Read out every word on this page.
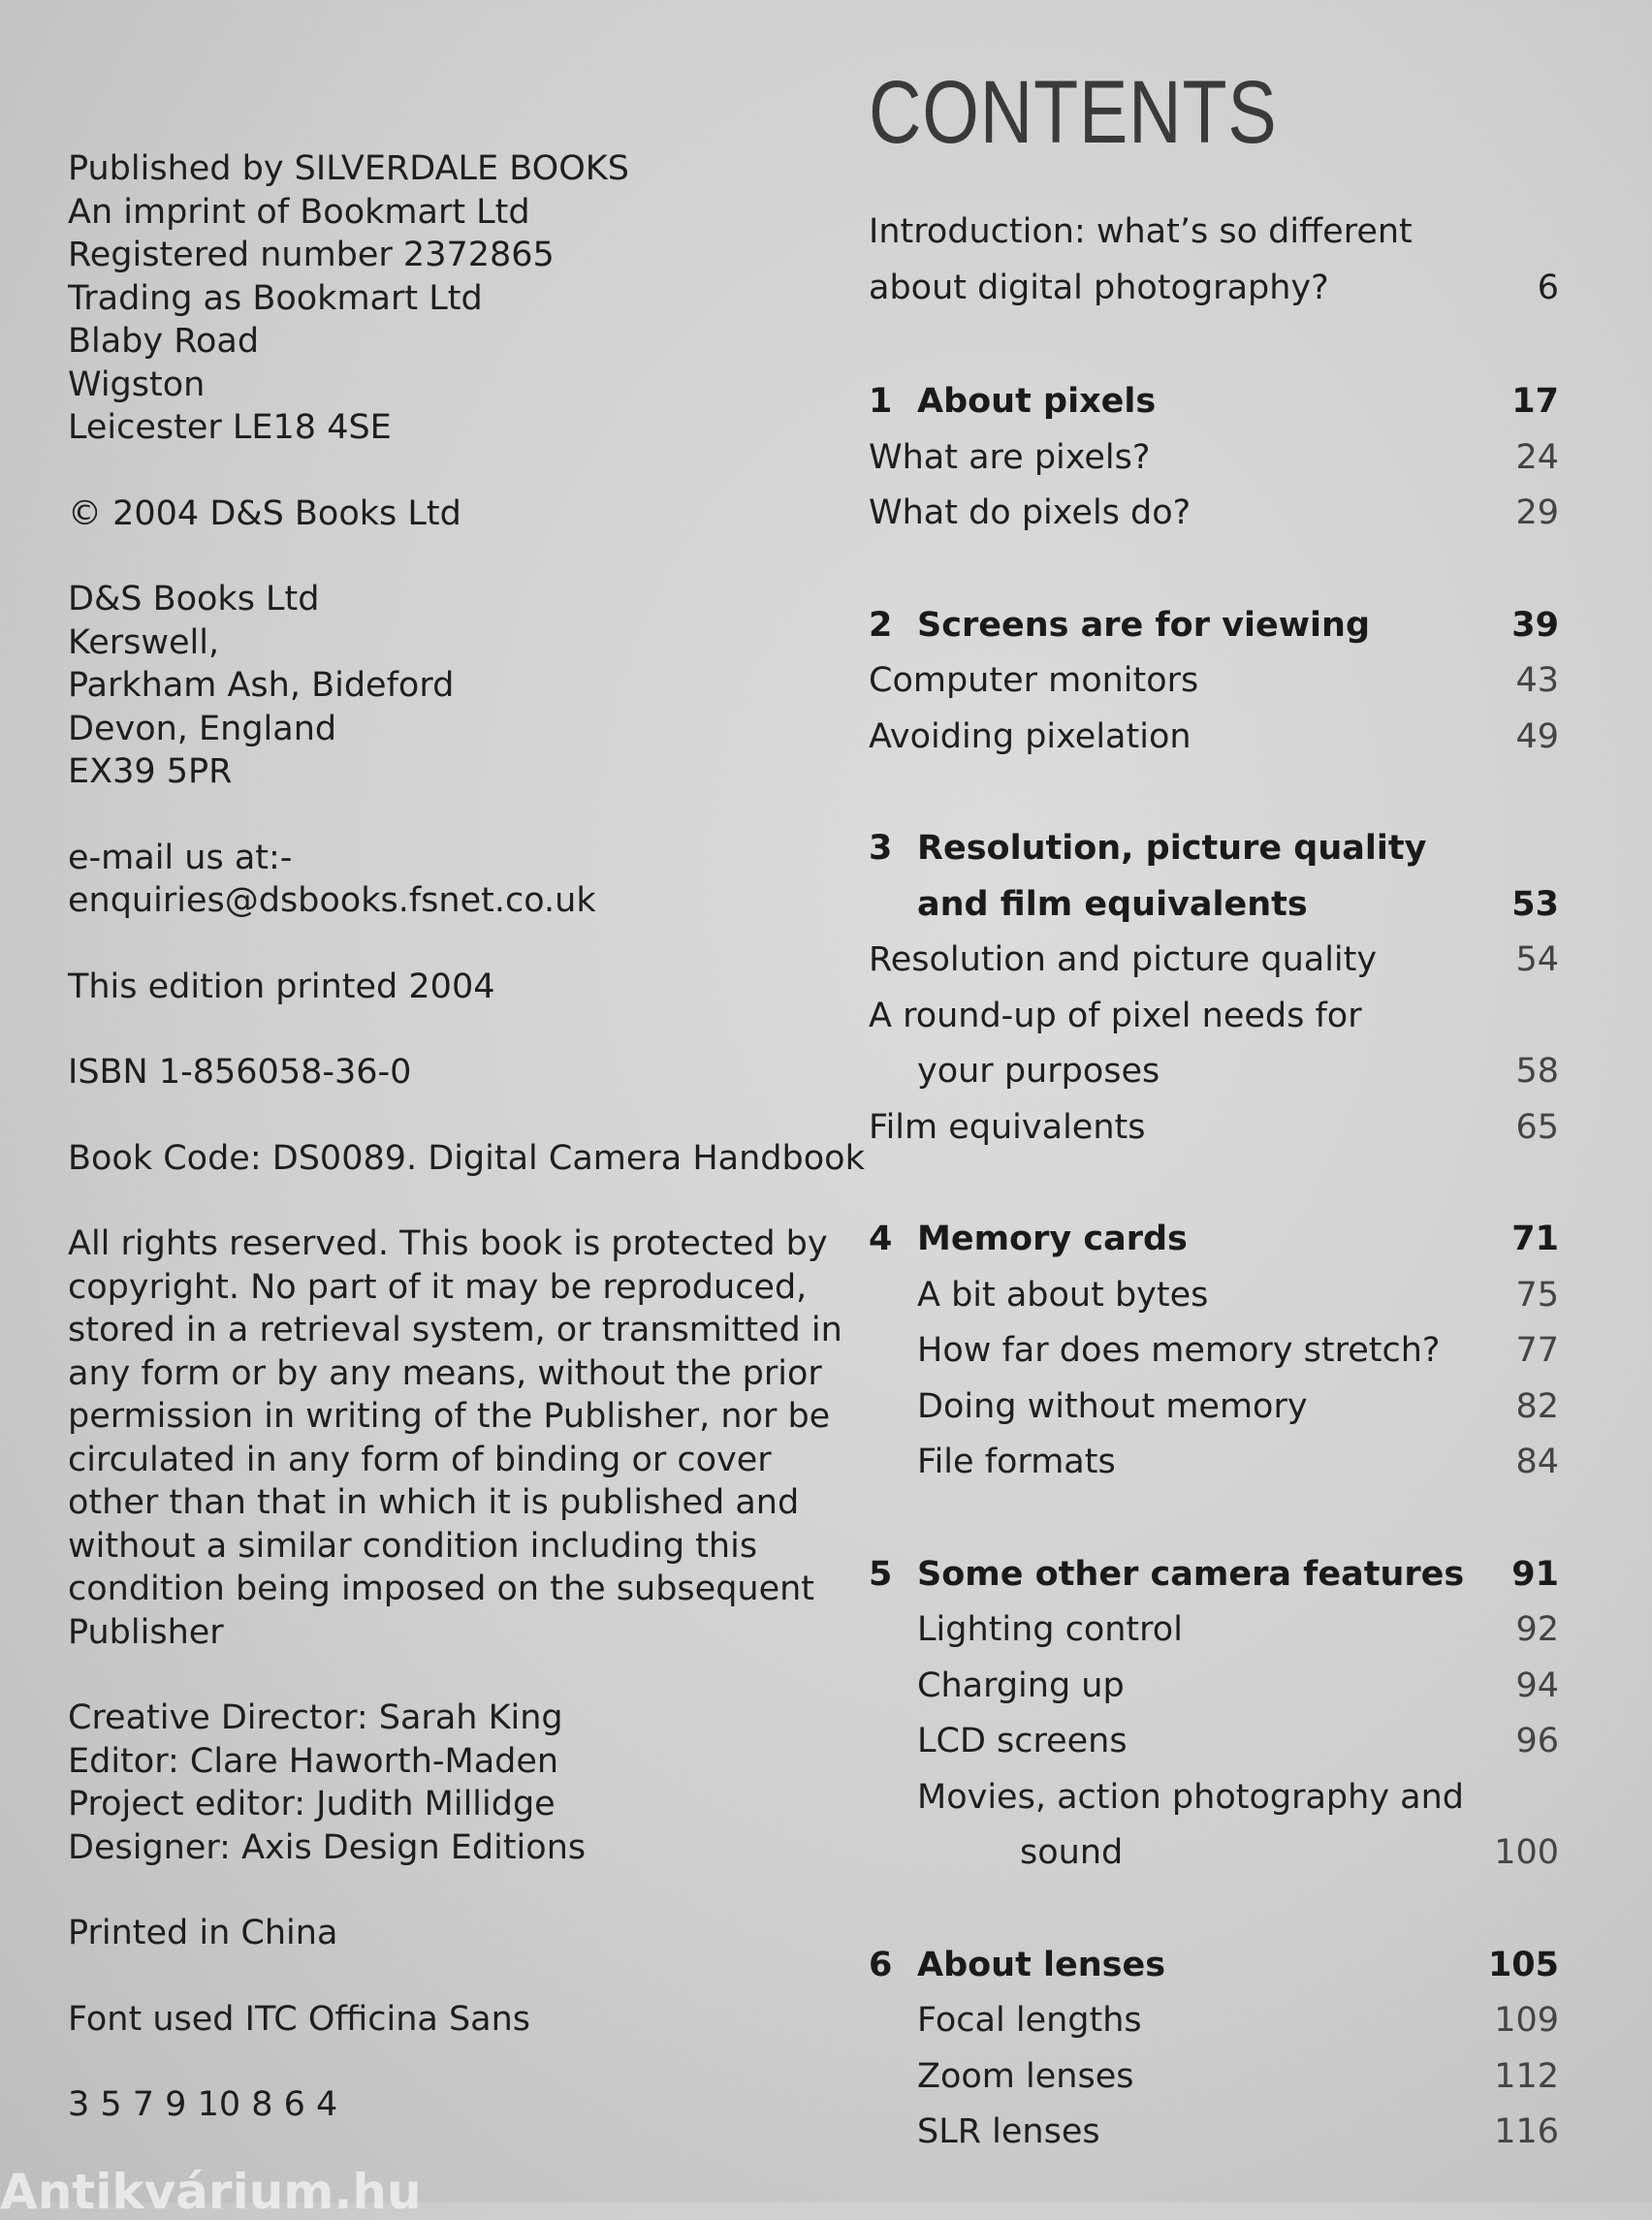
Published by SILVERDALE BOOKS
An imprint of Bookmart Ltd
Registered number 2372865
Trading as Bookmart Ltd
Blaby Road
Wigston
Leicester LE18 4SE
© 2004 D&S Books Ltd
D&S Books Ltd
Kerswell,
Parkham Ash, Bideford
Devon, England
EX39 5PR
e-mail us at:-
enquiries@dsbooks.fsnet.co.uk
This edition printed 2004
ISBN 1-856058-36-0
Book Code: DS0089. Digital Camera Handbook
All rights reserved. This book is protected by
copyright. No part of it may be reproduced,
stored in a retrieval system, or transmitted in
any form or by any means, without the prior
permission in writing of the Publisher, nor be
circulated in any form of binding or cover
other than that in which it is published and
without a similar condition including this
condition being imposed on the subsequent
Publisher
Creative Director: Sarah King
Editor: Clare Haworth-Maden
Project editor: Judith Millidge
Designer: Axis Design Editions
Printed in China
Font used ITC Officina Sans
3 5 7 9 10 8 6 4
CONTENTS
Introduction: what’s so different
about digital photography?	6
1 About pixels	17
What are pixels?	24
What do pixels do?	29
2 Screens are for viewing	39
Computer monitors	43
Avoiding pixelation	49
3 Resolution, picture quality
and film equivalents	53
Resolution and picture quality	54
A round-up of pixel needs for
your purposes	58
Film equivalents	65
4 Memory cards	71
A bit about bytes	75
How far does memory stretch? 77
Doing without memory	82
File formats	84
5 Some other camera features 91
Lighting control	92
Charging up	94
LCD screens	96
Movies, action photography and
sound	100
6 About lenses	105
Focal lengths	109
Zoom lenses	112
SLR lenses	116
Antikvárium.hu
